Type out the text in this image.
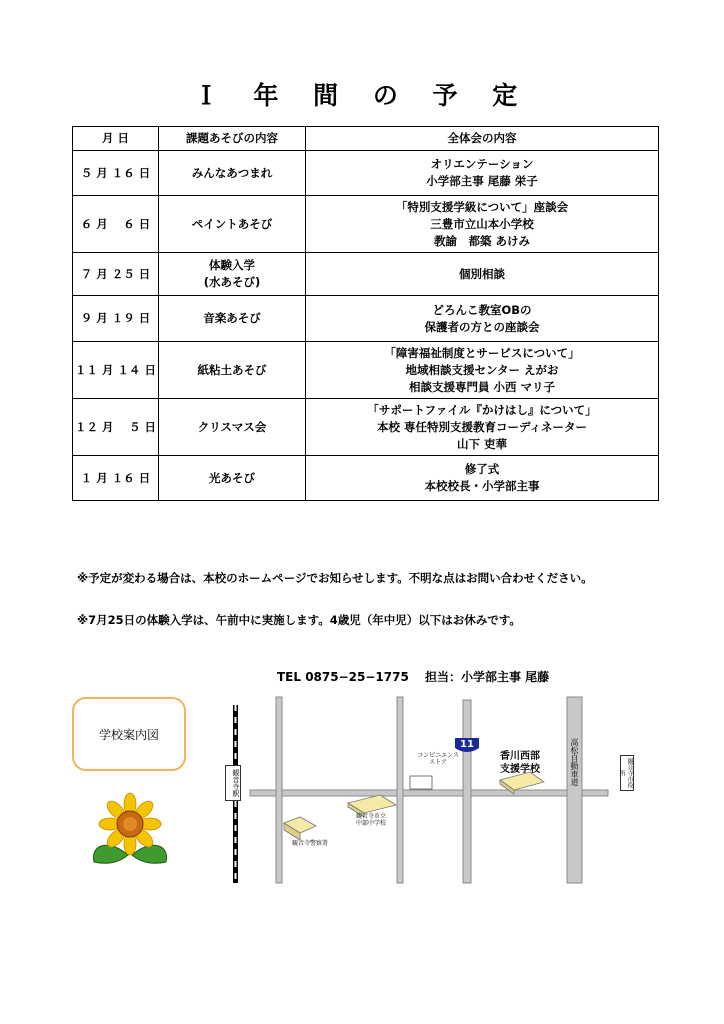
Ｉ 年 間 の 予 定
月 日	課題あそびの内容	全体会の内容
５ 月 １６ 日	みんなあつまれ	オリエンテーション
小学部主事 尾藤 栄子

６ 月 　６ 日	ペイントあそび	「特別支援学級について」座談会
三豊市立山本小学校
教諭　都築 あけみ

７ 月 ２５ 日	体験入学
(水あそび)	個別相談

９ 月 １９ 日	音楽あそび	どろんこ教室OBの
保護者の方との座談会

１１ 月 １４ 日	紙粘土あそび	「障害福祉制度とサービスについて」
地域相談支援センター えがお
相談支援専門員 小西 マリ子

１２ 月 　５ 日	クリスマス会	「サポートファイル『かけはし』について」
本校 専任特別支援教育コーディネーター
山下 吏華

１ 月 １６ 日	光あそび	修了式
本校校長・小学部主事
※予定が変わる場合は、本校のホームページでお知らせします。不明な点はお問い合わせください。
※7月25日の体験入学は、午前中に実施します。4歳児（年中児）以下はお休みです。
TEL 0875−25−1775　 担当：小学部主事 尾藤
学校案内図
11
コンビニエンス
ストア
香川西部
支援学校	高松自動車道
観音寺駅	観音寺市役所
観音寺市立
中部中学校
観音寺警察署
